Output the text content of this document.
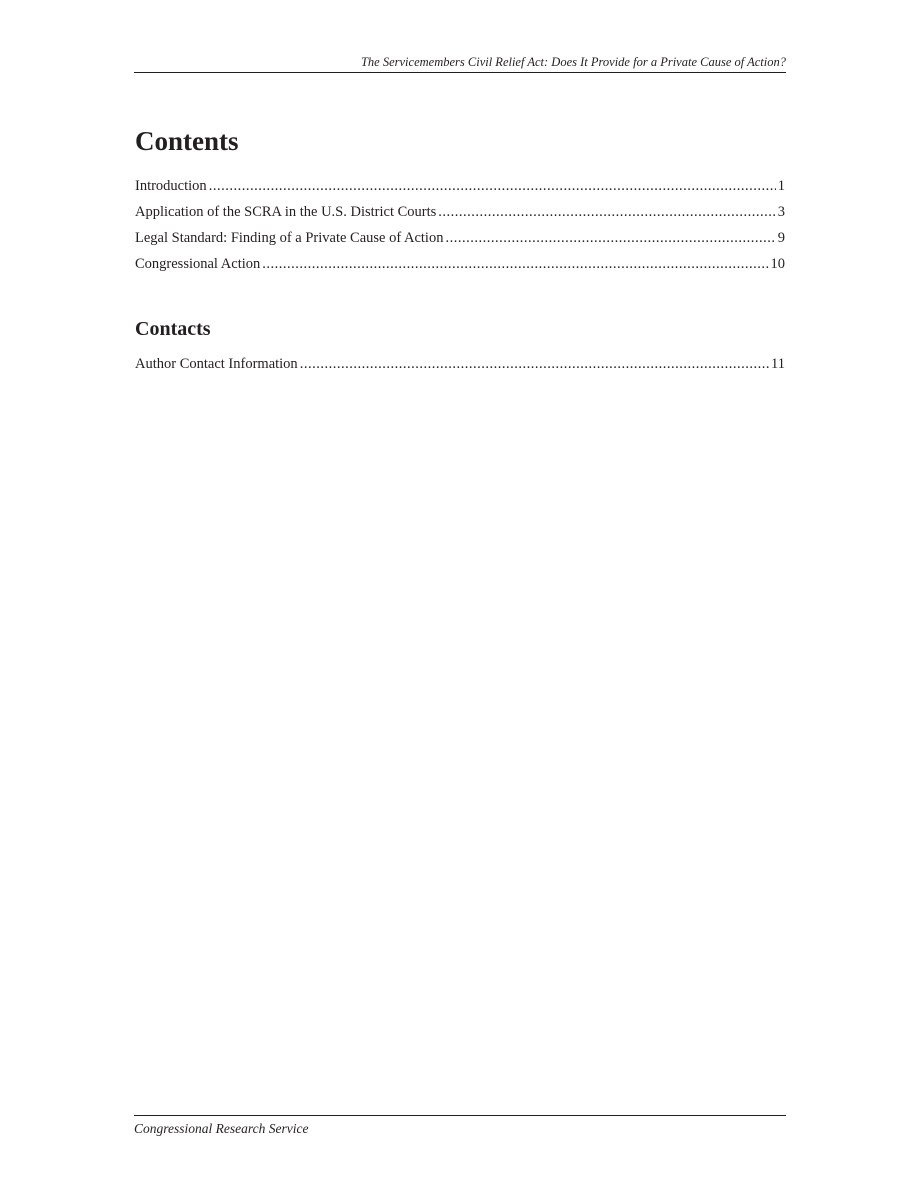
The Servicemembers Civil Relief Act: Does It Provide for a Private Cause of Action?
Contents
Introduction .....	1
Application of the SCRA in the U.S. District Courts .....	3
Legal Standard: Finding of a Private Cause of Action .....	9
Congressional Action .....	10
Contacts
Author Contact Information .....	11
Congressional Research Service
